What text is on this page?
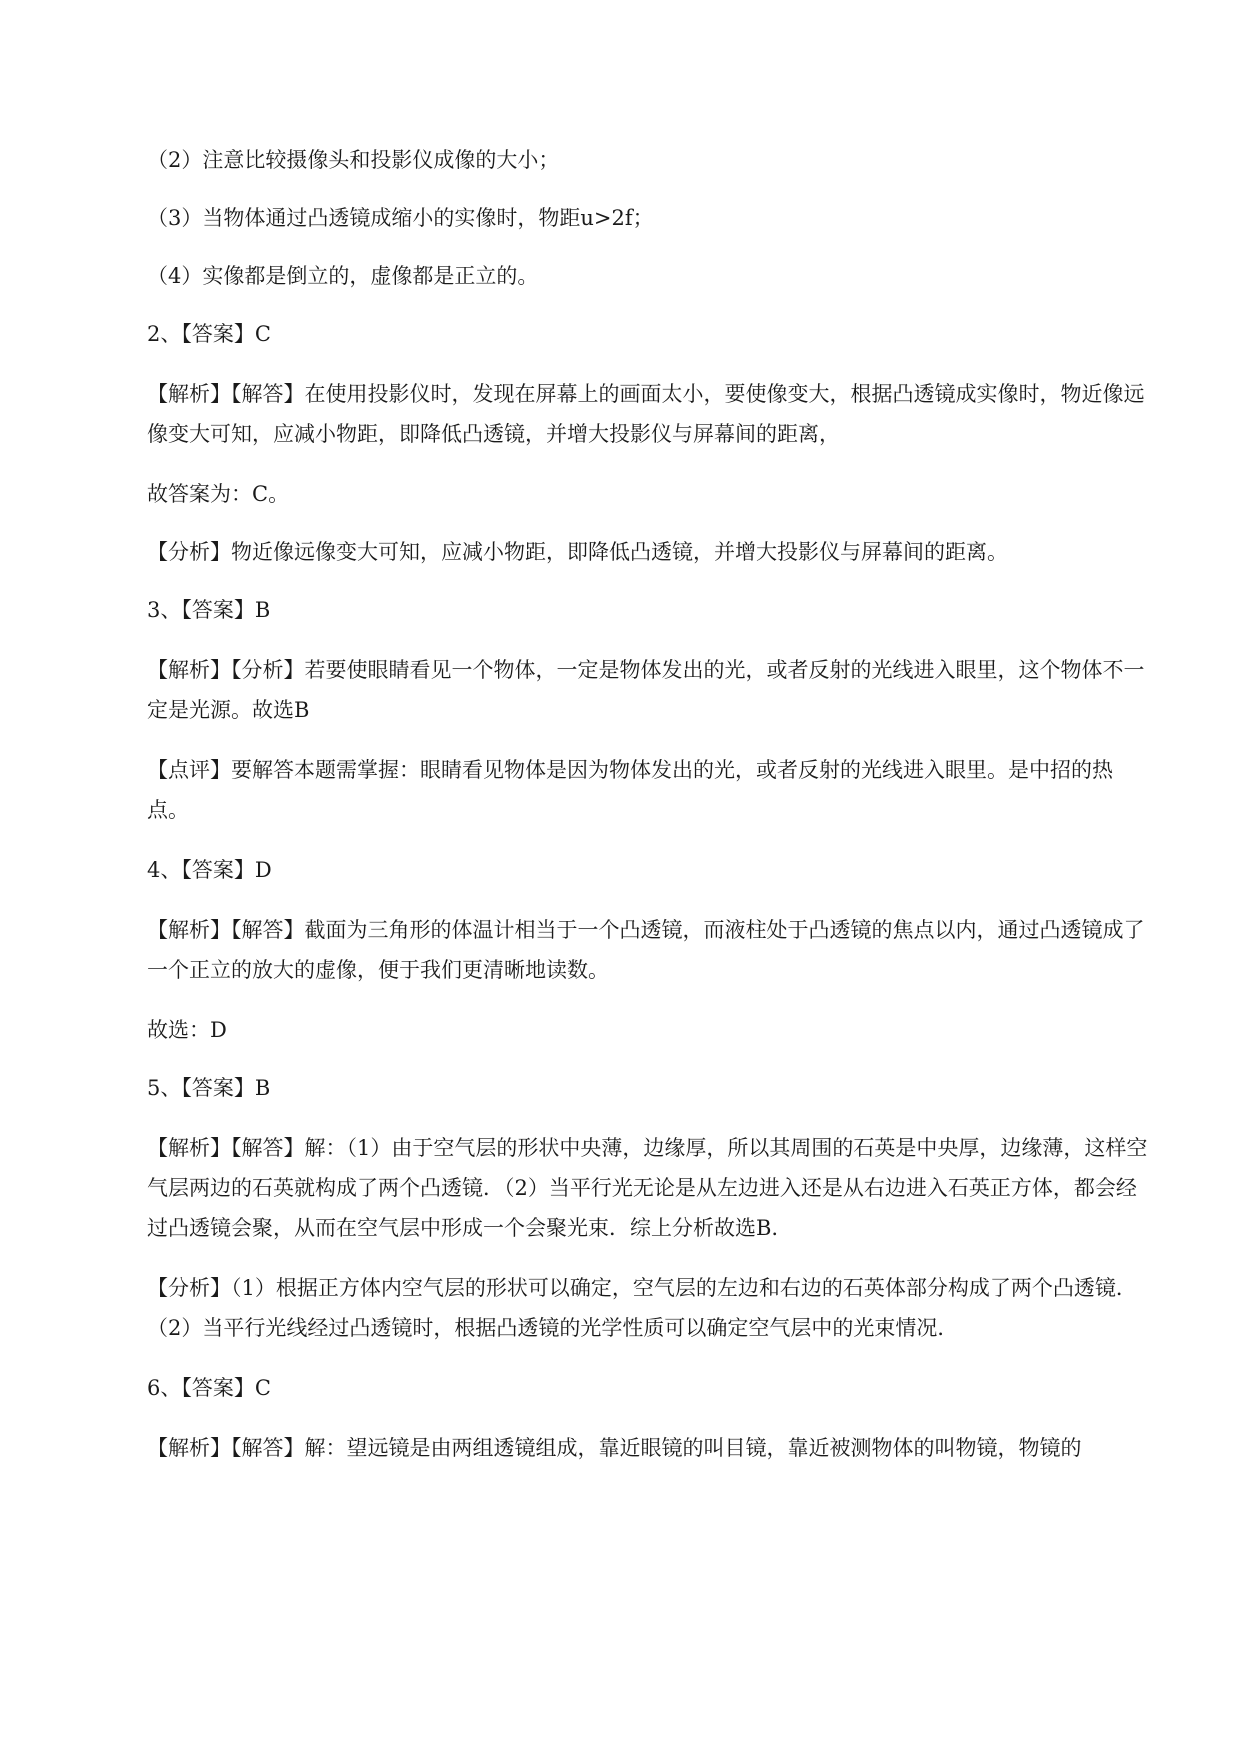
（2）注意比较摄像头和投影仪成像的大小；

（3）当物体通过凸透镜成缩小的实像时，物距u>2f；

（4）实像都是倒立的，虚像都是正立的。

2、【答案】C

【解析】【解答】在使用投影仪时，发现在屏幕上的画面太小，要使像变大，根据凸透镜成实像时，物近像远像变大可知，应减小物距，即降低凸透镜，并增大投影仪与屏幕间的距离，

故答案为：C。

【分析】物近像远像变大可知，应减小物距，即降低凸透镜，并增大投影仪与屏幕间的距离。

3、【答案】B

【解析】【分析】若要使眼睛看见一个物体，一定是物体发出的光，或者反射的光线进入眼里，这个物体不一定是光源。故选B

【点评】要解答本题需掌握：眼睛看见物体是因为物体发出的光，或者反射的光线进入眼里。是中招的热点。

4、【答案】D

【解析】【解答】截面为三角形的体温计相当于一个凸透镜，而液柱处于凸透镜的焦点以内，通过凸透镜成了一个正立的放大的虚像，便于我们更清晰地读数。

故选：D

5、【答案】B

【解析】【解答】解：（1）由于空气层的形状中央薄，边缘厚，所以其周围的石英是中央厚，边缘薄，这样空气层两边的石英就构成了两个凸透镜．（2）当平行光无论是从左边进入还是从右边进入石英正方体，都会经过凸透镜会聚，从而在空气层中形成一个会聚光束．综上分析故选B.

【分析】（1）根据正方体内空气层的形状可以确定，空气层的左边和右边的石英体部分构成了两个凸透镜．（2）当平行光线经过凸透镜时，根据凸透镜的光学性质可以确定空气层中的光束情况．

6、【答案】C

【解析】【解答】解：望远镜是由两组透镜组成，靠近眼镜的叫目镜，靠近被测物体的叫物镜，物镜的
